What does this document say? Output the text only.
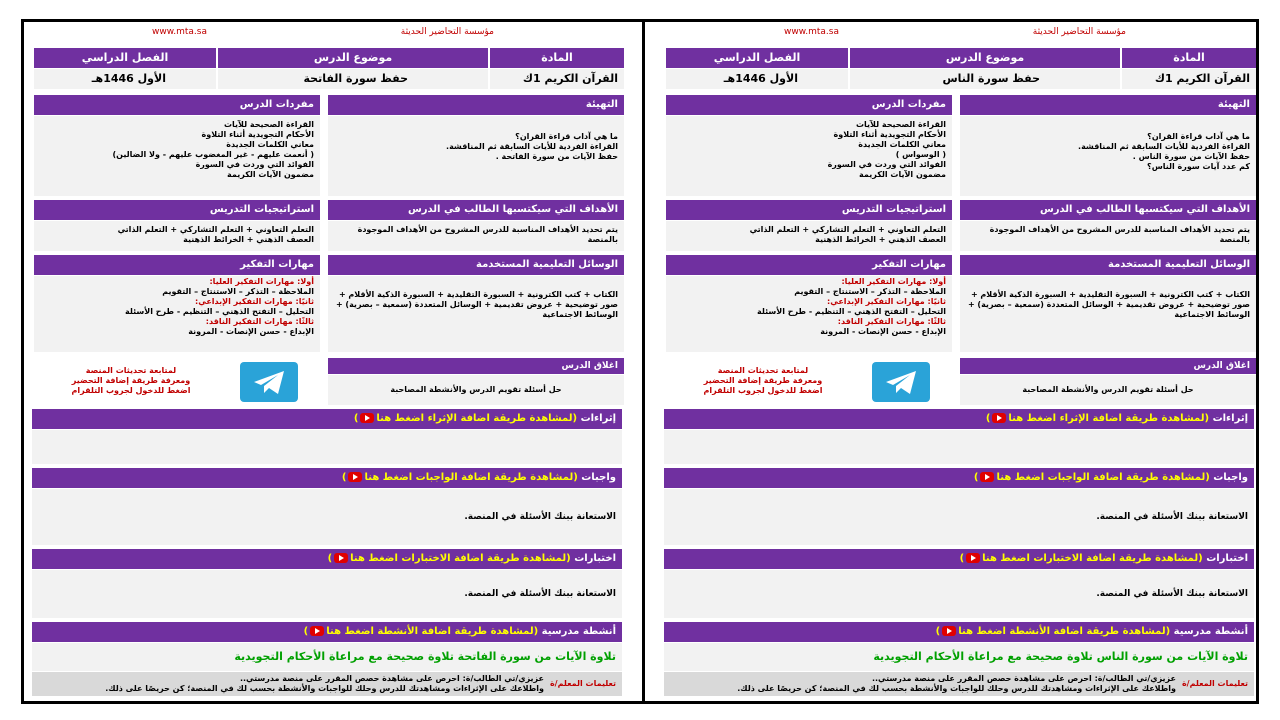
مؤسسة التحاضير الحديثة
www.mta.sa
المادة
موضوع الدرس
الفصل الدراسي
القرآن الكريم 1ك
حفظ سورة الفاتحة
الأول 1446هـ
التهيئة
ما هي آداب قراءة القران؟
القراءة الفردية للأيات السابقة ثم المناقشة.
حفظ الآيات من سورة الفاتحة .
مفردات الدرس
القراءة الصحيحة للآيات
الأحكام التجويدية أثناء التلاوة
معاني الكلمات الجديدة
( أنعمت عليهم - غير المغضوب عليهم - ولا الضالين)
الفوائد التي وردت في السورة
مضمون الآيات الكريمة
الأهداف التي سيكتسبها الطالب في الدرس
يتم تحديد الأهداف المناسبة للدرس المشروح من الأهداف الموجودة بالمنصة
استراتيجيات التدريس
التعلم التعاوني + التعلم التشاركي + التعلم الذاتي
العصف الذهني + الخرائط الذهنية
الوسائل التعليمية المستخدمة
الكتاب + كتب الكترونية + السبورة التقليدية + السبورة الذكية الأقلام + صور توضيحية + عروض تقديمية + الوسائل المتعددة (سمعية – بصرية) + الوسائط الاجتماعية
مهارات التفكير
أولا: مهارات التفكير العليا:
الملاحظة – التذكر – الاستنتاج – التقويم
ثانيًا: مهارات التفكير الإبداعي:
التحليل – التفتح الذهني – التنظيم - طرح الأسئلة
ثالثًا: مهارات التفكير الناقد:
الإبداع - حسن الإنصات - المرونة
اغلاق الدرس
حل أسئلة تقويم الدرس والأنشطة المصاحبة
لمتابعة تحديثات المنصة
ومعرفة طريقة إضافة التحضير
اضغط للدخول لجروب التلقرام
إثراءات (لمشاهدة طريقة اضافة الإثراء اضغط هنا)
واجبات (لمشاهدة طريقة اضافة الواجبات اضغط هنا)
الاستعانة ببنك الأسئلة في المنصة.
اختبارات (لمشاهدة طريقة اضافة الاختبارات اضغط هنا)
الاستعانة ببنك الأسئلة في المنصة.
أنشطة مدرسية (لمشاهدة طريقة اضافة الأنشطة اضغط هنا)
تلاوة الآيات من سورة الفاتحة تلاوة صحيحة مع مراعاة الأحكام التجويدية
تعليمات المعلم/ة
عزيزي/تي الطالب/ة: احرص على مشاهدة حصص المقرر على منصة مدرستي..
واطلاعك على الإثراءات ومشاهدتك للدرس وحلك للواجبات والأنشطة بحسب لك في المنصة؛ كن حريصًا على ذلك.
مؤسسة التحاضير الحديثة
www.mta.sa
المادة
موضوع الدرس
الفصل الدراسي
القرآن الكريم 1ك
حفظ سورة الناس
الأول 1446هـ
التهيئة
ما هي آداب قراءة القران؟
القراءة الفردية للأيات السابقة ثم المناقشة.
حفظ الآيات من سورة الناس .
كم عدد آيات سورة الناس؟
مفردات الدرس
القراءة الصحيحة للآيات
الأحكام التجويدية أثناء التلاوة
معاني الكلمات الجديدة
( الوسواس )
الفوائد التي وردت في السورة
مضمون الآيات الكريمة
الأهداف التي سيكتسبها الطالب في الدرس
يتم تحديد الأهداف المناسبة للدرس المشروح من الأهداف الموجودة بالمنصة
استراتيجيات التدريس
التعلم التعاوني + التعلم التشاركي + التعلم الذاتي
العصف الذهني + الخرائط الذهنية
الوسائل التعليمية المستخدمة
الكتاب + كتب الكترونية + السبورة التقليدية + السبورة الذكية الأقلام + صور توضيحية + عروض تقديمية + الوسائل المتعددة (سمعية – بصرية) + الوسائط الاجتماعية
مهارات التفكير
أولا: مهارات التفكير العليا:
الملاحظة – التذكر – الاستنتاج – التقويم
ثانيًا: مهارات التفكير الإبداعي:
التحليل – التفتح الذهني – التنظيم - طرح الأسئلة
ثالثًا: مهارات التفكير الناقد:
الإبداع - حسن الإنصات - المرونة
اغلاق الدرس
حل أسئلة تقويم الدرس والأنشطة المصاحبة
لمتابعة تحديثات المنصة
ومعرفة طريقة إضافة التحضير
اضغط للدخول لجروب التلقرام
إثراءات (لمشاهدة طريقة اضافة الإثراء اضغط هنا)
واجبات (لمشاهدة طريقة اضافة الواجبات اضغط هنا)
الاستعانة ببنك الأسئلة في المنصة.
اختبارات (لمشاهدة طريقة اضافة الاختبارات اضغط هنا)
الاستعانة ببنك الأسئلة في المنصة.
أنشطة مدرسية (لمشاهدة طريقة اضافة الأنشطة اضغط هنا)
تلاوة الآيات من سورة الناس تلاوة صحيحة مع مراعاة الأحكام التجويدية
تعليمات المعلم/ة
عزيزي/تي الطالب/ة: احرص على مشاهدة حصص المقرر على منصة مدرستي..
واطلاعك على الإثراءات ومشاهدتك للدرس وحلك للواجبات والأنشطة بحسب لك في المنصة؛ كن حريصًا على ذلك.
